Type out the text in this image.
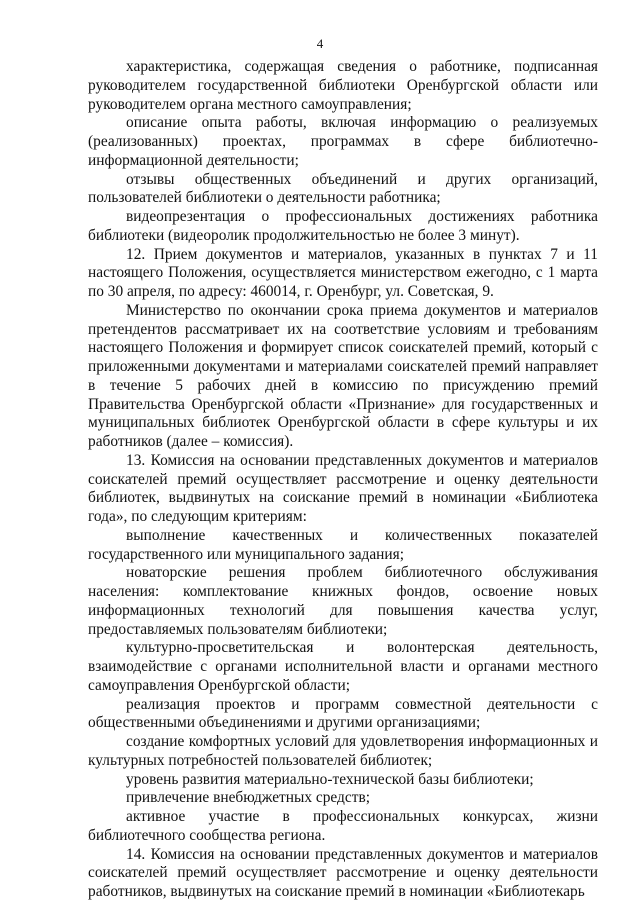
4

характеристика, содержащая сведения о работнике, подписанная руководителем государственной библиотеки Оренбургской области или руководителем органа местного самоуправления;

описание опыта работы, включая информацию о реализуемых (реализованных) проектах, программах в сфере библиотечно-информационной деятельности;

отзывы общественных объединений и других организаций, пользователей библиотеки о деятельности работника;

видеопрезентация о профессиональных достижениях работника библиотеки (видеоролик продолжительностью не более 3 минут).

12. Прием документов и материалов, указанных в пунктах 7 и 11 настоящего Положения, осуществляется министерством ежегодно, с 1 марта по 30 апреля, по адресу: 460014, г. Оренбург, ул. Советская, 9.

Министерство по окончании срока приема документов и материалов претендентов рассматривает их на соответствие условиям и требованиям настоящего Положения и формирует список соискателей премий, который с приложенными документами и материалами соискателей премий направляет в течение 5 рабочих дней в комиссию по присуждению премий Правительства Оренбургской области «Признание» для государственных и муниципальных библиотек Оренбургской области в сфере культуры и их работников (далее – комиссия).

13. Комиссия на основании представленных документов и материалов соискателей премий осуществляет рассмотрение и оценку деятельности библиотек, выдвинутых на соискание премий в номинации «Библиотека года», по следующим критериям:

выполнение качественных и количественных показателей государственного или муниципального задания;

новаторские решения проблем библиотечного обслуживания населения: комплектование книжных фондов, освоение новых информационных технологий для повышения качества услуг, предоставляемых пользователям библиотеки;

культурно-просветительская и волонтерская деятельность, взаимодействие с органами исполнительной власти и органами местного самоуправления Оренбургской области;

реализация проектов и программ совместной деятельности с общественными объединениями и другими организациями;

создание комфортных условий для удовлетворения информационных и культурных потребностей пользователей библиотек;

уровень развития материально-технической базы библиотеки;

привлечение внебюджетных средств;

активное участие в профессиональных конкурсах, жизни библиотечного сообщества региона.

14. Комиссия на основании представленных документов и материалов соискателей премий осуществляет рассмотрение и оценку деятельности работников, выдвинутых на соискание премий в номинации «Библиотекарь
